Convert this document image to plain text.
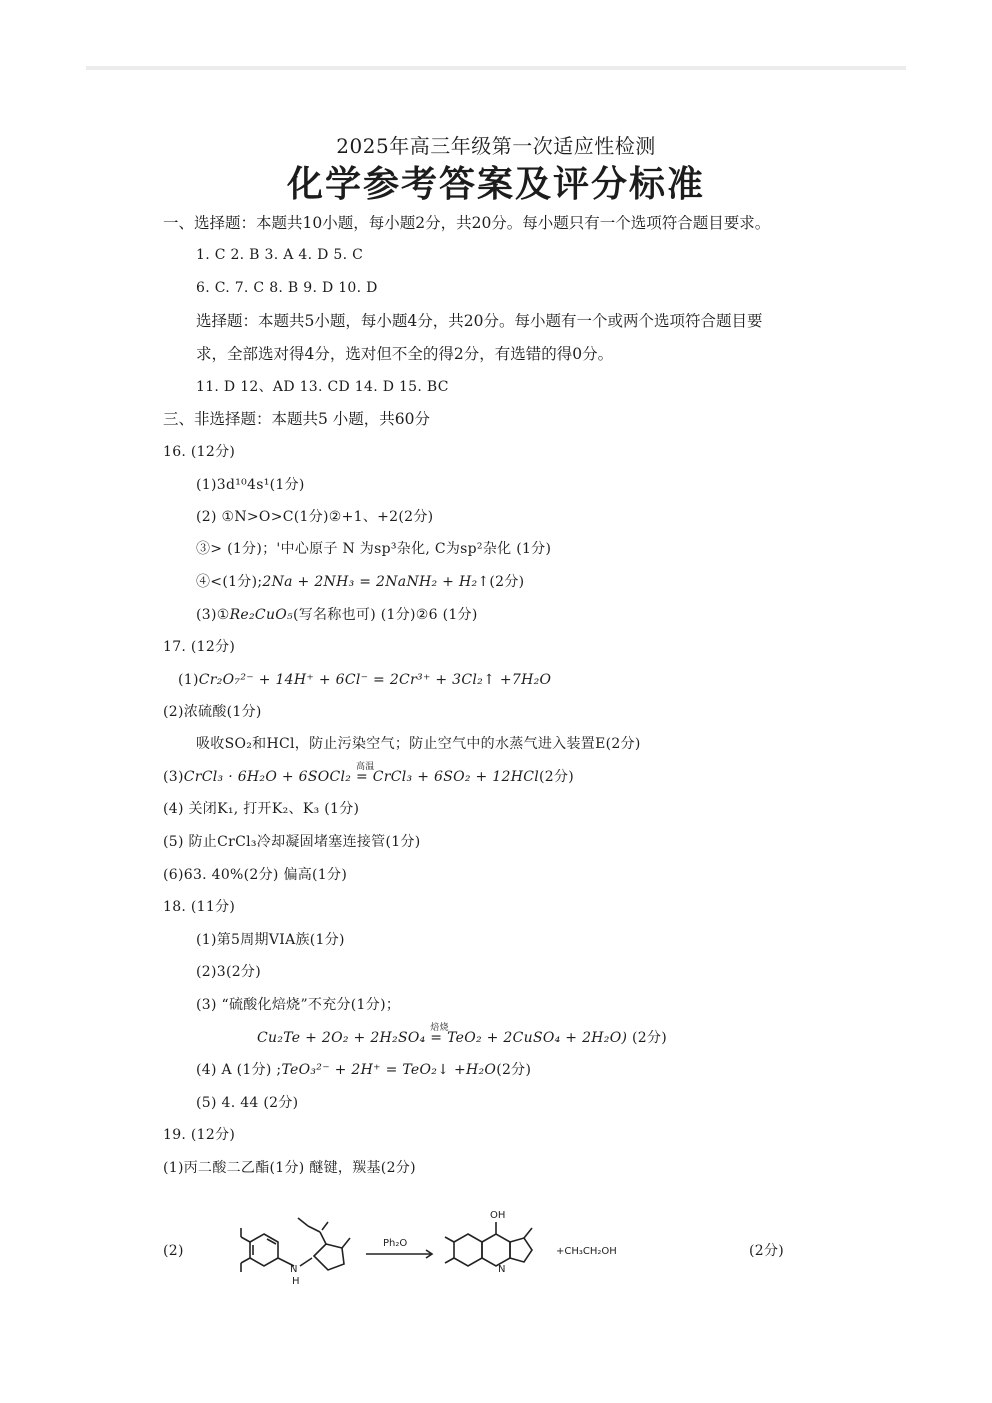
2025年高三年级第一次适应性检测
化学参考答案及评分标准
一、选择题：本题共10小题，每小题2分，共20分。每小题只有一个选项符合题目要求。
1. C 2. B 3. A 4. D 5. C
6. C. 7. C 8. B 9. D 10. D
选择题：本题共5小题，每小题4分，共20分。每小题有一个或两个选项符合题目要
求，全部选对得4分，选对但不全的得2分，有选错的得0分。
11. D 12、AD 13. CD 14. D 15. BC
三、非选择题：本题共5 小题，共60分
16. (12分)
(1)3d¹⁰4s¹(1分)
(2) ①N>O>C(1分)②+1、+2(2分)
③> (1分)；'中心原子 N 为sp³杂化, C为sp²杂化 (1分)
④<(1分);2Na + 2NH₃ = 2NaNH₂ + H₂↑(2分)
(3)①Re₂CuO₅(写名称也可) (1分)②6 (1分)
17. (12分)
(1)Cr₂O₇²⁻ + 14H⁺ + 6Cl⁻ = 2Cr³⁺ + 3Cl₂↑ +7H₂O
(2)浓硫酸(1分)
吸收SO₂和HCl，防止污染空气；防止空气中的水蒸气进入装置E(2分)
(3)CrCl₃ · 6H₂O + 6SOCl₂
高温
= CrCl₃ + 6SO₂ + 12HCl(2分)
(4) 关闭K₁, 打开K₂、K₃ (1分)
(5) 防止CrCl₃冷却凝固堵塞连接管(1分)
(6)63. 40%(2分) 偏高(1分)
18. (11分)
(1)第5周期VIA族(1分)
(2)3(2分)
(3) “硫酸化焙烧”不充分(1分)；
Cu₂Te + 2O₂ + 2H₂SO₄
焙烧
= TeO₂ + 2CuSO₄ + 2H₂O) (2分)
(4) A (1分) ;TeO₃²⁻ + 2H⁺ = TeO₂↓ +H₂O(2分)
(5) 4. 44 (2分)
19. (12分)
(1)丙二酸二乙酯(1分) 醚键，羰基(2分)
(2)	(2分)
N
H
Ph₂O
OH
N
+CH₃CH₂OH
